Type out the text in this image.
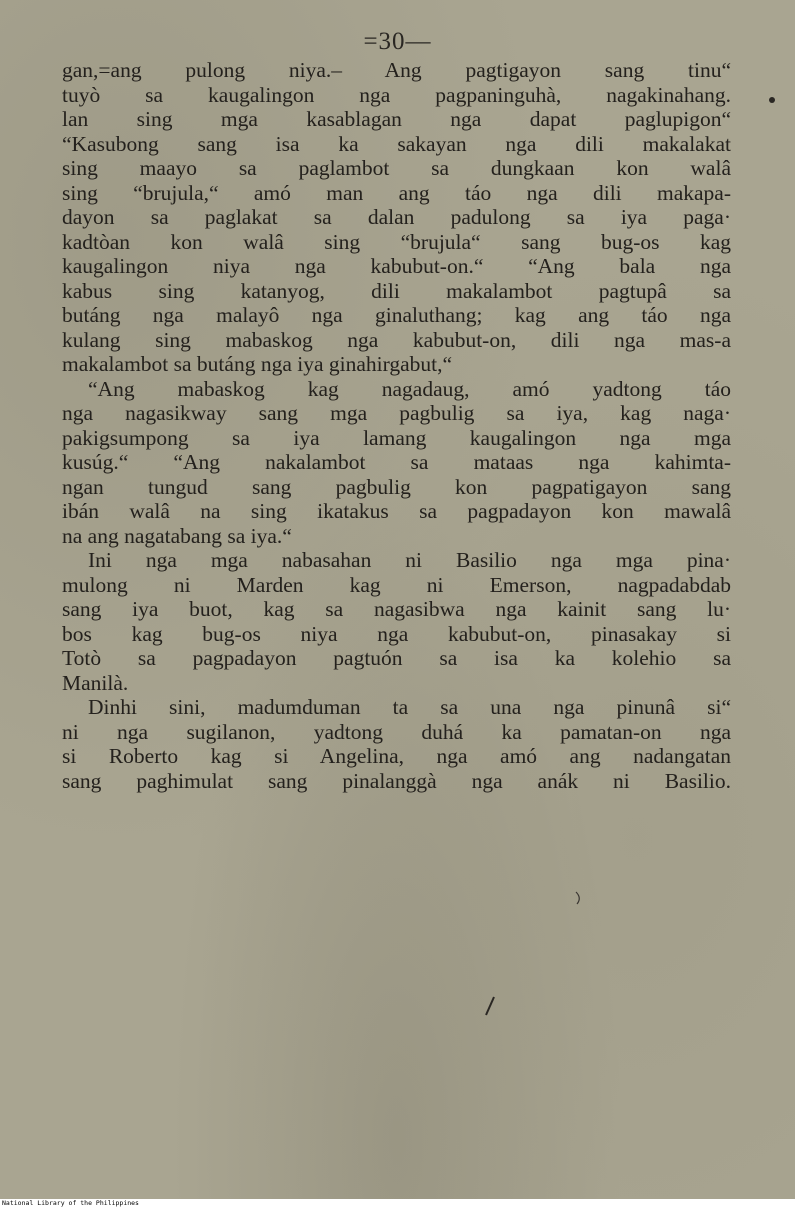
=30—
gan,=ang pulong niya.– Ang pagtigayon sang tinu“
tuyò sa kaugalingon nga pagpaninguhà, nagakinahang.
lan sing mga kasablagan nga dapat paglupigon“
“Kasubong sang isa ka sakayan nga dili makalakat
sing maayo sa paglambot sa dungkaan kon walâ
sing “brujula,“ amó man ang táo nga dili makapa-
dayon sa paglakat sa dalan padulong sa iya paga·
kadtòan kon walâ sing “brujula“ sang bug-os kag
kaugalingon niya nga kabubut-on.“ “Ang bala nga
kabus sing katanyog, dili makalambot pagtupâ sa
butáng nga malayô nga ginaluthang; kag ang táo nga
kulang sing mabaskog nga kabubut-on, dili nga mas-a
makalambot sa butáng nga iya ginahirgabut,“
“Ang mabaskog kag nagadaug, amó yadtong táo
nga nagasikway sang mga pagbulig sa iya, kag naga·
pakigsumpong sa iya lamang kaugalingon nga mga
kusúg.“ “Ang nakalambot sa mataas nga kahimta-
ngan tungud sang pagbulig kon pagpatigayon sang
ibán walâ na sing ikatakus sa pagpadayon kon mawalâ
na ang nagatabang sa iya.“
Ini nga mga nabasahan ni Basilio nga mga pina·
mulong ni Marden kag ni Emerson, nagpadabdab
sang iya buot, kag sa nagasibwa nga kainit sang lu·
bos kag bug-os niya nga kabubut-on, pinasakay si
Totò sa pagpadayon pagtuón sa isa ka kolehio sa
Manilà.
Dinhi sini, madumduman ta sa una nga pinunâ si“
ni nga sugilanon, yadtong duhá ka pamatan-on nga
si Roberto kag si Angelina, nga amó ang nadangatan
sang paghimulat sang pinalanggà nga anák ni Basilio.
National Library of the Philippines
